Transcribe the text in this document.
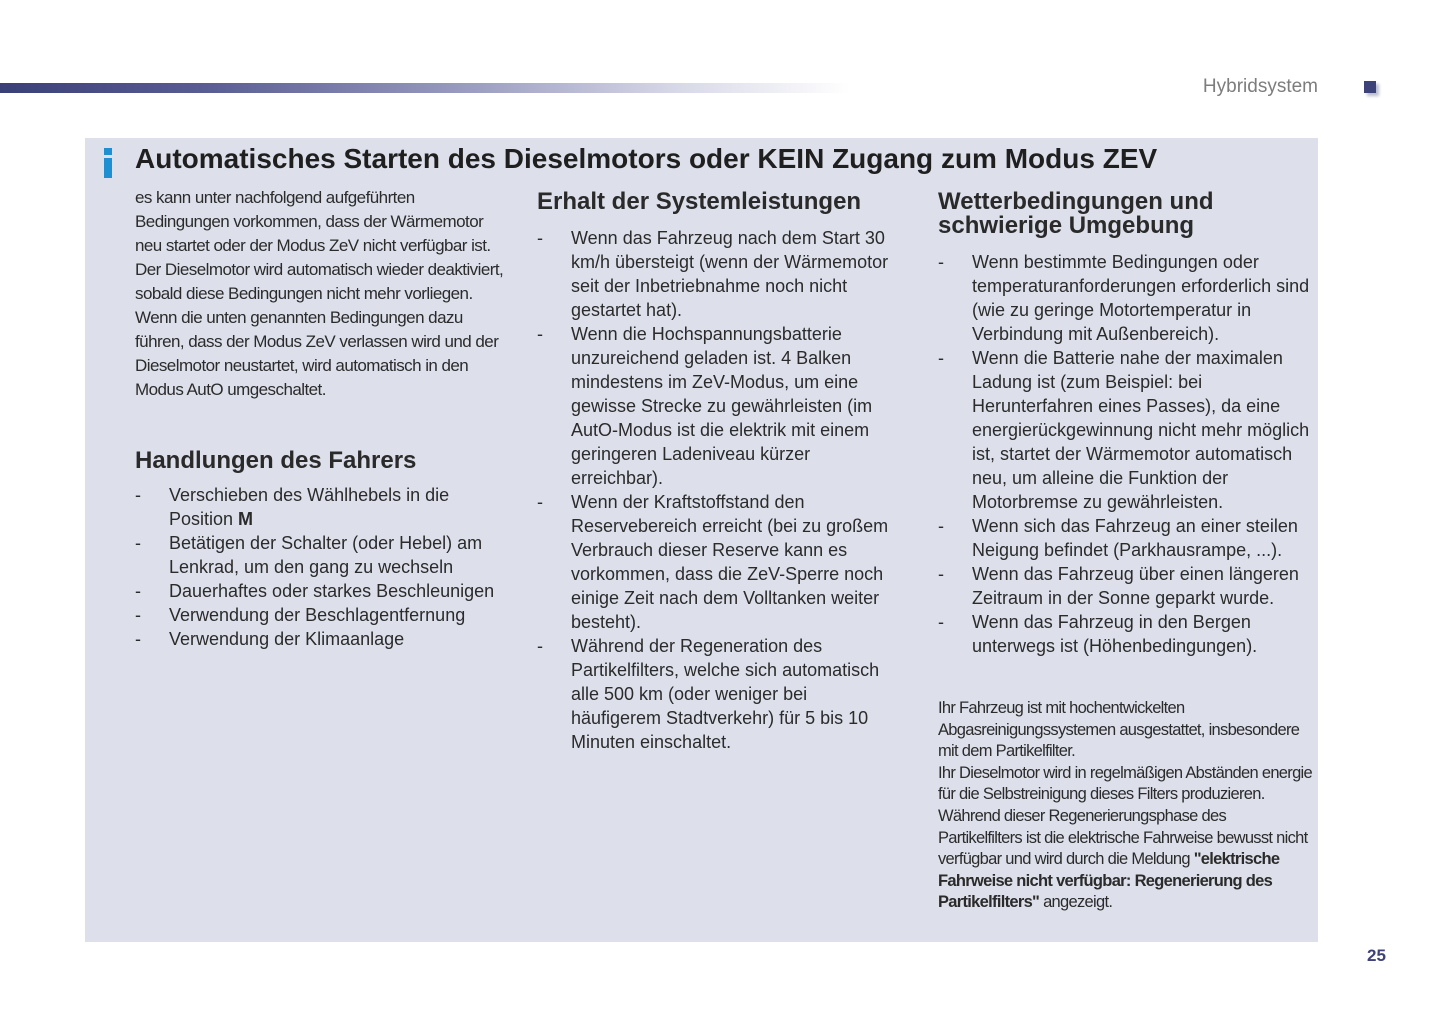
Hybridsystem
Automatisches Starten des Dieselmotors oder KEIN Zugang zum Modus ZEV

es kann unter nachfolgend aufgeführten Bedingungen vorkommen, dass der Wärmemotor neu startet oder der Modus ZeV nicht verfügbar ist.

Der Dieselmotor wird automatisch wieder deaktiviert, sobald diese Bedingungen nicht mehr vorliegen.

Wenn die unten genannten Bedingungen dazu führen, dass der Modus ZeV verlassen wird und der Dieselmotor neustartet, wird automatisch in den Modus AutO umgeschaltet.

Handlungen des Fahrers
- Verschieben des Wählhebels in die Position M
- Betätigen der Schalter (oder Hebel) am Lenkrad, um den gang zu wechseln
- Dauerhaftes oder starkes Beschleunigen
- Verwendung der Beschlagentfernung
- Verwendung der Klimaanlage
Erhalt der Systemleistungen
- Wenn das Fahrzeug nach dem Start 30 km/h übersteigt (wenn der Wärmemotor seit der Inbetriebnahme noch nicht gestartet hat).
- Wenn die Hochspannungsbatterie unzureichend geladen ist. 4 Balken mindestens im ZeV-Modus, um eine gewisse Strecke zu gewährleisten (im AutO-Modus ist die elektrik mit einem geringeren Ladeniveau kürzer erreichbar).
- Wenn der Kraftstoffstand den Reservebereich erreicht (bei zu großem Verbrauch dieser Reserve kann es vorkommen, dass die ZeV-Sperre noch einige Zeit nach dem Volltanken weiter besteht).
- Während der Regeneration des Partikelfilters, welche sich automatisch alle 500 km (oder weniger bei häufigerem Stadtverkehr) für 5 bis 10 Minuten einschaltet.
Wetterbedingungen und schwierige Umgebung
- Wenn bestimmte Bedingungen oder temperaturanforderungen erforderlich sind (wie zu geringe Motortemperatur in Verbindung mit Außenbereich).
- Wenn die Batterie nahe der maximalen Ladung ist (zum Beispiel: bei Herunterfahren eines Passes), da eine energierückgewinnung nicht mehr möglich ist, startet der Wärmemotor automatisch neu, um alleine die Funktion der Motorbremse zu gewährleisten.
- Wenn sich das Fahrzeug an einer steilen Neigung befindet (Parkhausrampe, ...).
- Wenn das Fahrzeug über einen längeren Zeitraum in der Sonne geparkt wurde.
- Wenn das Fahrzeug in den Bergen unterwegs ist (Höhenbedingungen).

Ihr Fahrzeug ist mit hochentwickelten Abgasreinigungssystemen ausgestattet, insbesondere mit dem Partikelfilter.

Ihr Dieselmotor wird in regelmäßigen Abständen energie für die Selbstreinigung dieses Filters produzieren.

Während dieser Regenerierungsphase des Partikelfilters ist die elektrische Fahrweise bewusst nicht verfügbar und wird durch die Meldung "elektrische Fahrweise nicht verfügbar: Regenerierung des Partikelfilters" angezeigt.

25
